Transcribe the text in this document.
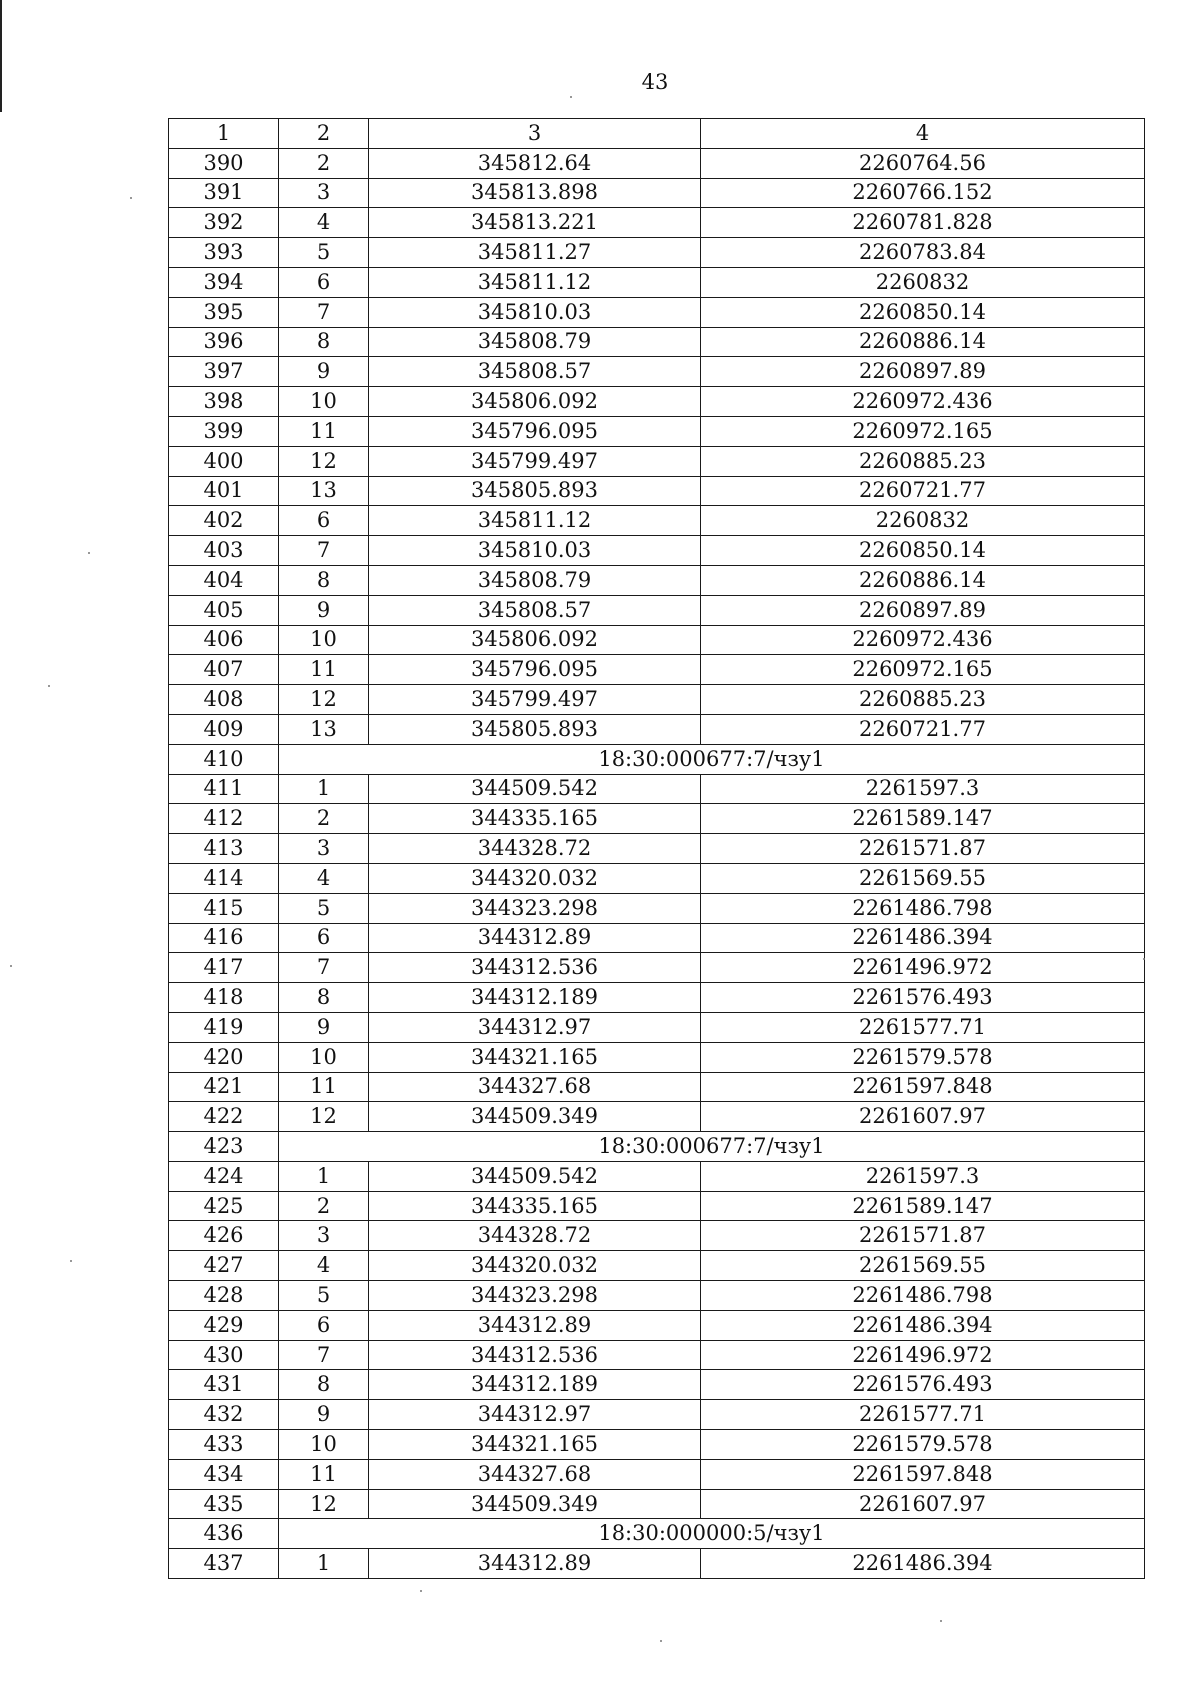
43
1	2	3	4
390	2	345812.64	2260764.56
391	3	345813.898	2260766.152
392	4	345813.221	2260781.828
393	5	345811.27	2260783.84
394	6	345811.12	2260832
395	7	345810.03	2260850.14
396	8	345808.79	2260886.14
397	9	345808.57	2260897.89
398	10	345806.092	2260972.436
399	11	345796.095	2260972.165
400	12	345799.497	2260885.23
401	13	345805.893	2260721.77
402	6	345811.12	2260832
403	7	345810.03	2260850.14
404	8	345808.79	2260886.14
405	9	345808.57	2260897.89
406	10	345806.092	2260972.436
407	11	345796.095	2260972.165
408	12	345799.497	2260885.23
409	13	345805.893	2260721.77
410	18:30:000677:7/чзу1		
411	1	344509.542	2261597.3
412	2	344335.165	2261589.147
413	3	344328.72	2261571.87
414	4	344320.032	2261569.55
415	5	344323.298	2261486.798
416	6	344312.89	2261486.394
417	7	344312.536	2261496.972
418	8	344312.189	2261576.493
419	9	344312.97	2261577.71
420	10	344321.165	2261579.578
421	11	344327.68	2261597.848
422	12	344509.349	2261607.97
423	18:30:000677:7/чзу1		
424	1	344509.542	2261597.3
425	2	344335.165	2261589.147
426	3	344328.72	2261571.87
427	4	344320.032	2261569.55
428	5	344323.298	2261486.798
429	6	344312.89	2261486.394
430	7	344312.536	2261496.972
431	8	344312.189	2261576.493
432	9	344312.97	2261577.71
433	10	344321.165	2261579.578
434	11	344327.68	2261597.848
435	12	344509.349	2261607.97
436	18:30:000000:5/чзу1		
437	1	344312.89	2261486.394
